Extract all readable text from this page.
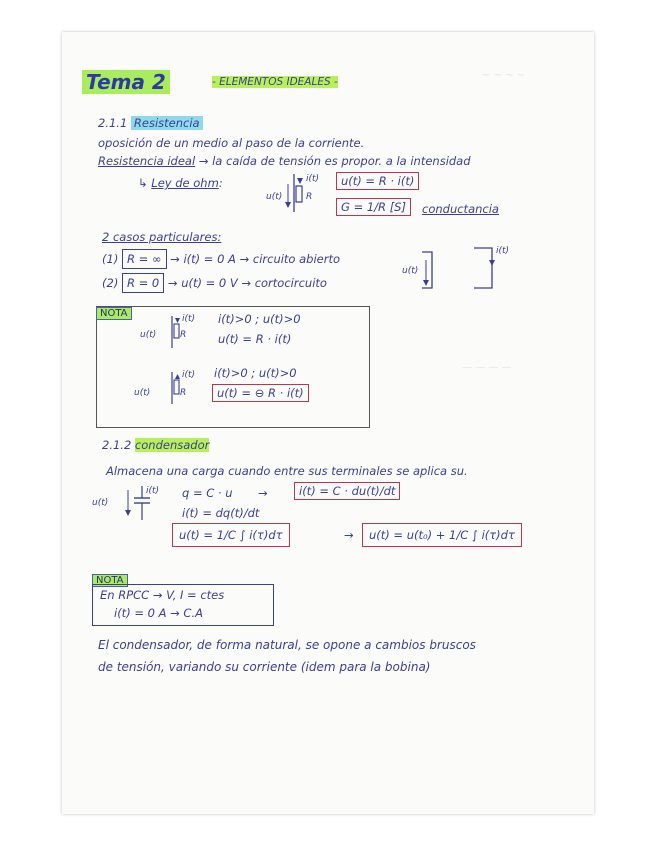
~ ~ ~ ~
— — — —
Tema 2	- ELEMENTOS IDEALES -
2.1.1 Resistencia
oposición de un medio al paso de la corriente.
Resistencia ideal → la caída de tensión es propor. a la intensidad
↳ Ley de ohm:	i(t)
u(t)	R
u(t) = R · i(t)
G = 1/R [S]	conductancia
2 casos particulares:
(1) R = ∞ → i(t) = 0 A → circuito abierto
(2) R = 0 → u(t) = 0 V → cortocircuito
u(t)
i(t)
NOTA	i(t)
u(t)	R
i(t)>0 ; u(t)>0
u(t) = R · i(t)
i(t)
u(t)	R
i(t)>0 ; u(t)>0
u(t) = ⊖ R · i(t)
2.1.2 condensador
Almacena una carga cuando entre sus terminales se aplica su.
u(t)
i(t) q = C · u →	i(t) = C · du(t)/dt
i(t) = dq(t)/dt
u(t) = 1/C ∫ i(τ)dτ	→	u(t) = u(t₀) + 1/C ∫ i(τ)dτ
NOTA
En RPCC → V, I = ctes
i(t) = 0 A → C.A
El condensador, de forma natural, se opone a cambios bruscos
de tensión, variando su corriente (idem para la bobina)
